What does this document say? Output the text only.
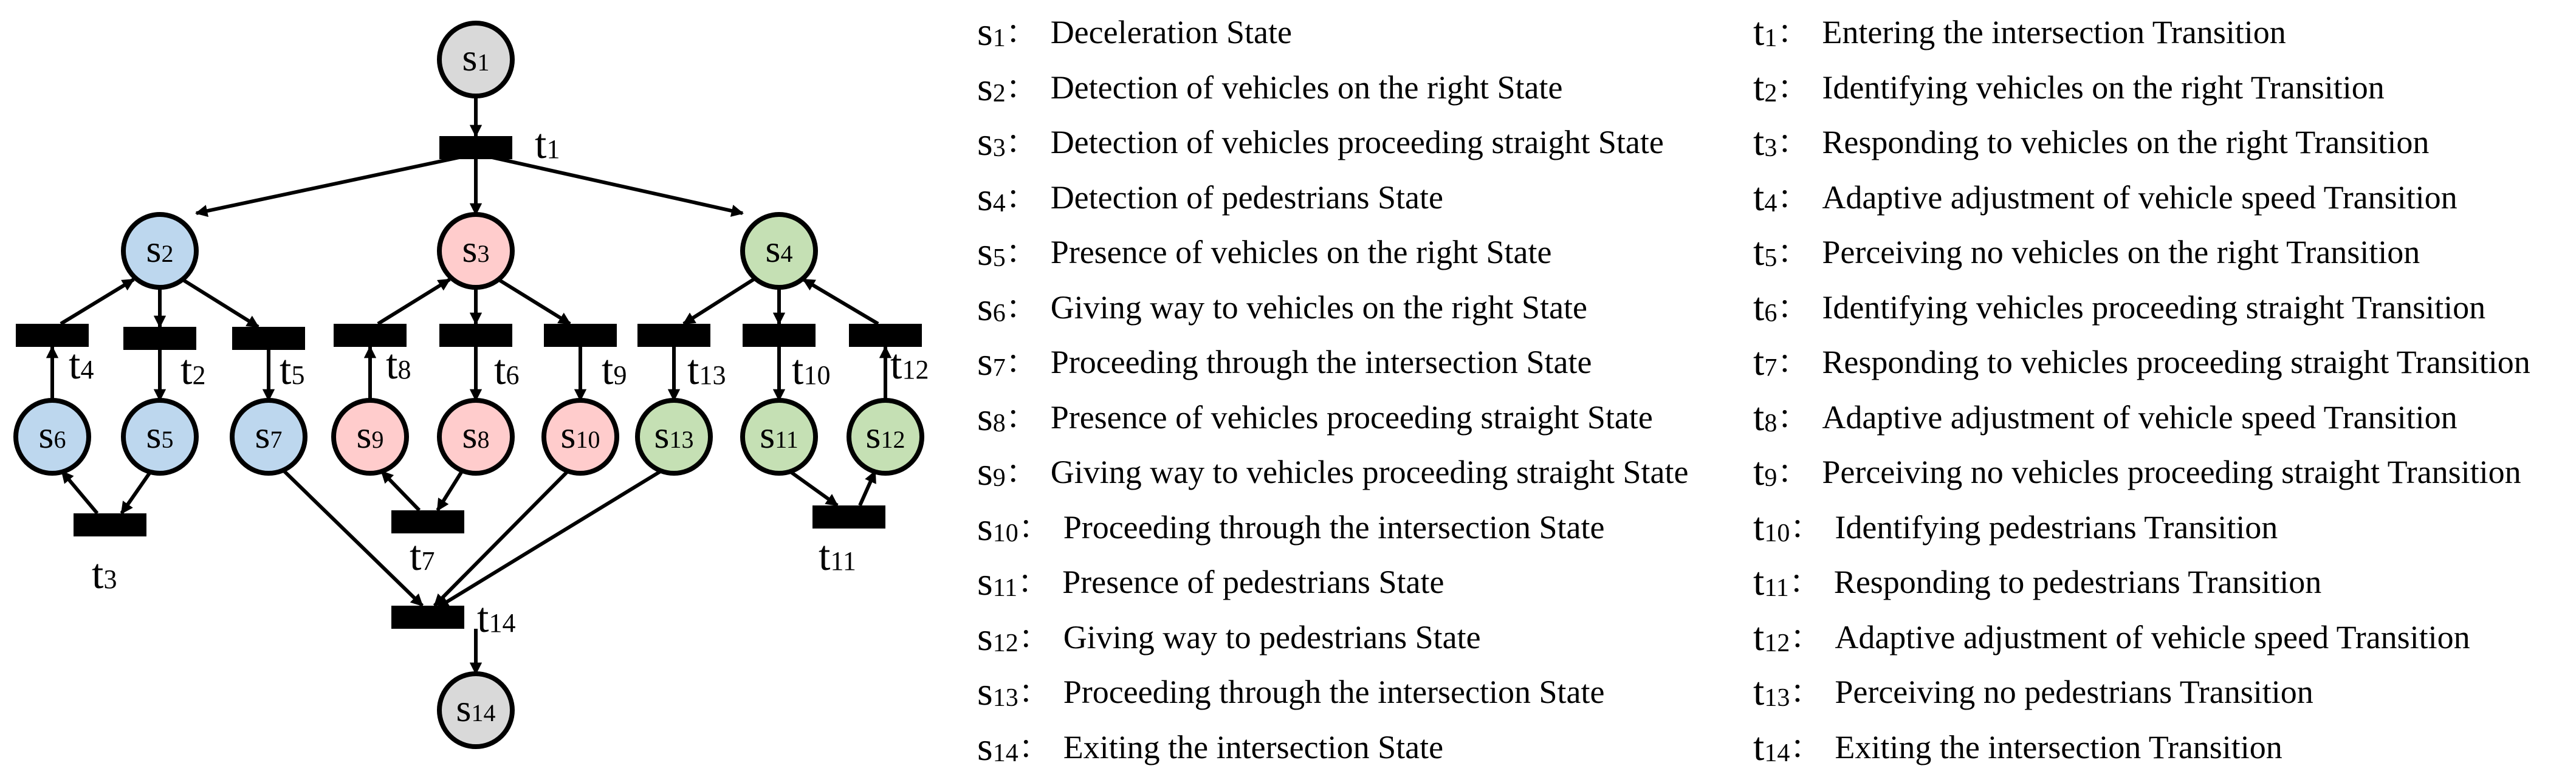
t1
t2
t3
t4	t5	t6
t7
t8	t9	t10
t11
t12
t13
t14
s1
s2	s3	s4
s5
s6	s7	s8
s9	s10	s11 s12
s13
s14
$s_1$ ： Deceleration State
$s_2$ ： Detection of vehicles on the right State
$s_3$ ： Detection of vehicles proceeding straight State
$s_4$ ： Detection of pedestrians State
$s_5$ ： Presence of vehicles on the right State
$s_6$ ： Giving way to vehicles on the right State
$s_7$ ： Proceeding through the intersection State
$s_8$ ： Presence of vehicles proceeding straight State
$s_9$ ： Giving way to vehicles proceeding straight State
$s_{10}$ ： Proceeding through the intersection State
$s_{11}$ ： Presence of pedestrians State
$s_{12}$ ： Giving way to pedestrians State
$s_{13}$ ： Proceeding through the intersection State
$s_{14}$ ： Exiting the intersection State
$t_1$ ： Entering the intersection Transition
$t_2$ ： Identifying vehicles on the right Transition
$t_3$ ： Responding to vehicles on the right Transition
$t_4$ ： Adaptive adjustment of vehicle speed Transition
$t_5$ ： Perceiving no vehicles on the right Transition
$t_6$ ： Identifying vehicles proceeding straight Transition
$t_7$ ： Responding to vehicles proceeding straight Transition
$t_8$ ： Adaptive adjustment of vehicle speed Transition
$t_9$ ： Perceiving no vehicles proceeding straight Transition
$t_{10}$ ： Identifying pedestrians Transition
$t_{11}$ ： Responding to pedestrians Transition
$t_{12}$ ： Adaptive adjustment of vehicle speed Transition
$t_{13}$ ： Perceiving no pedestrians Transition
$t_{14}$ ： Exiting the intersection Transition
